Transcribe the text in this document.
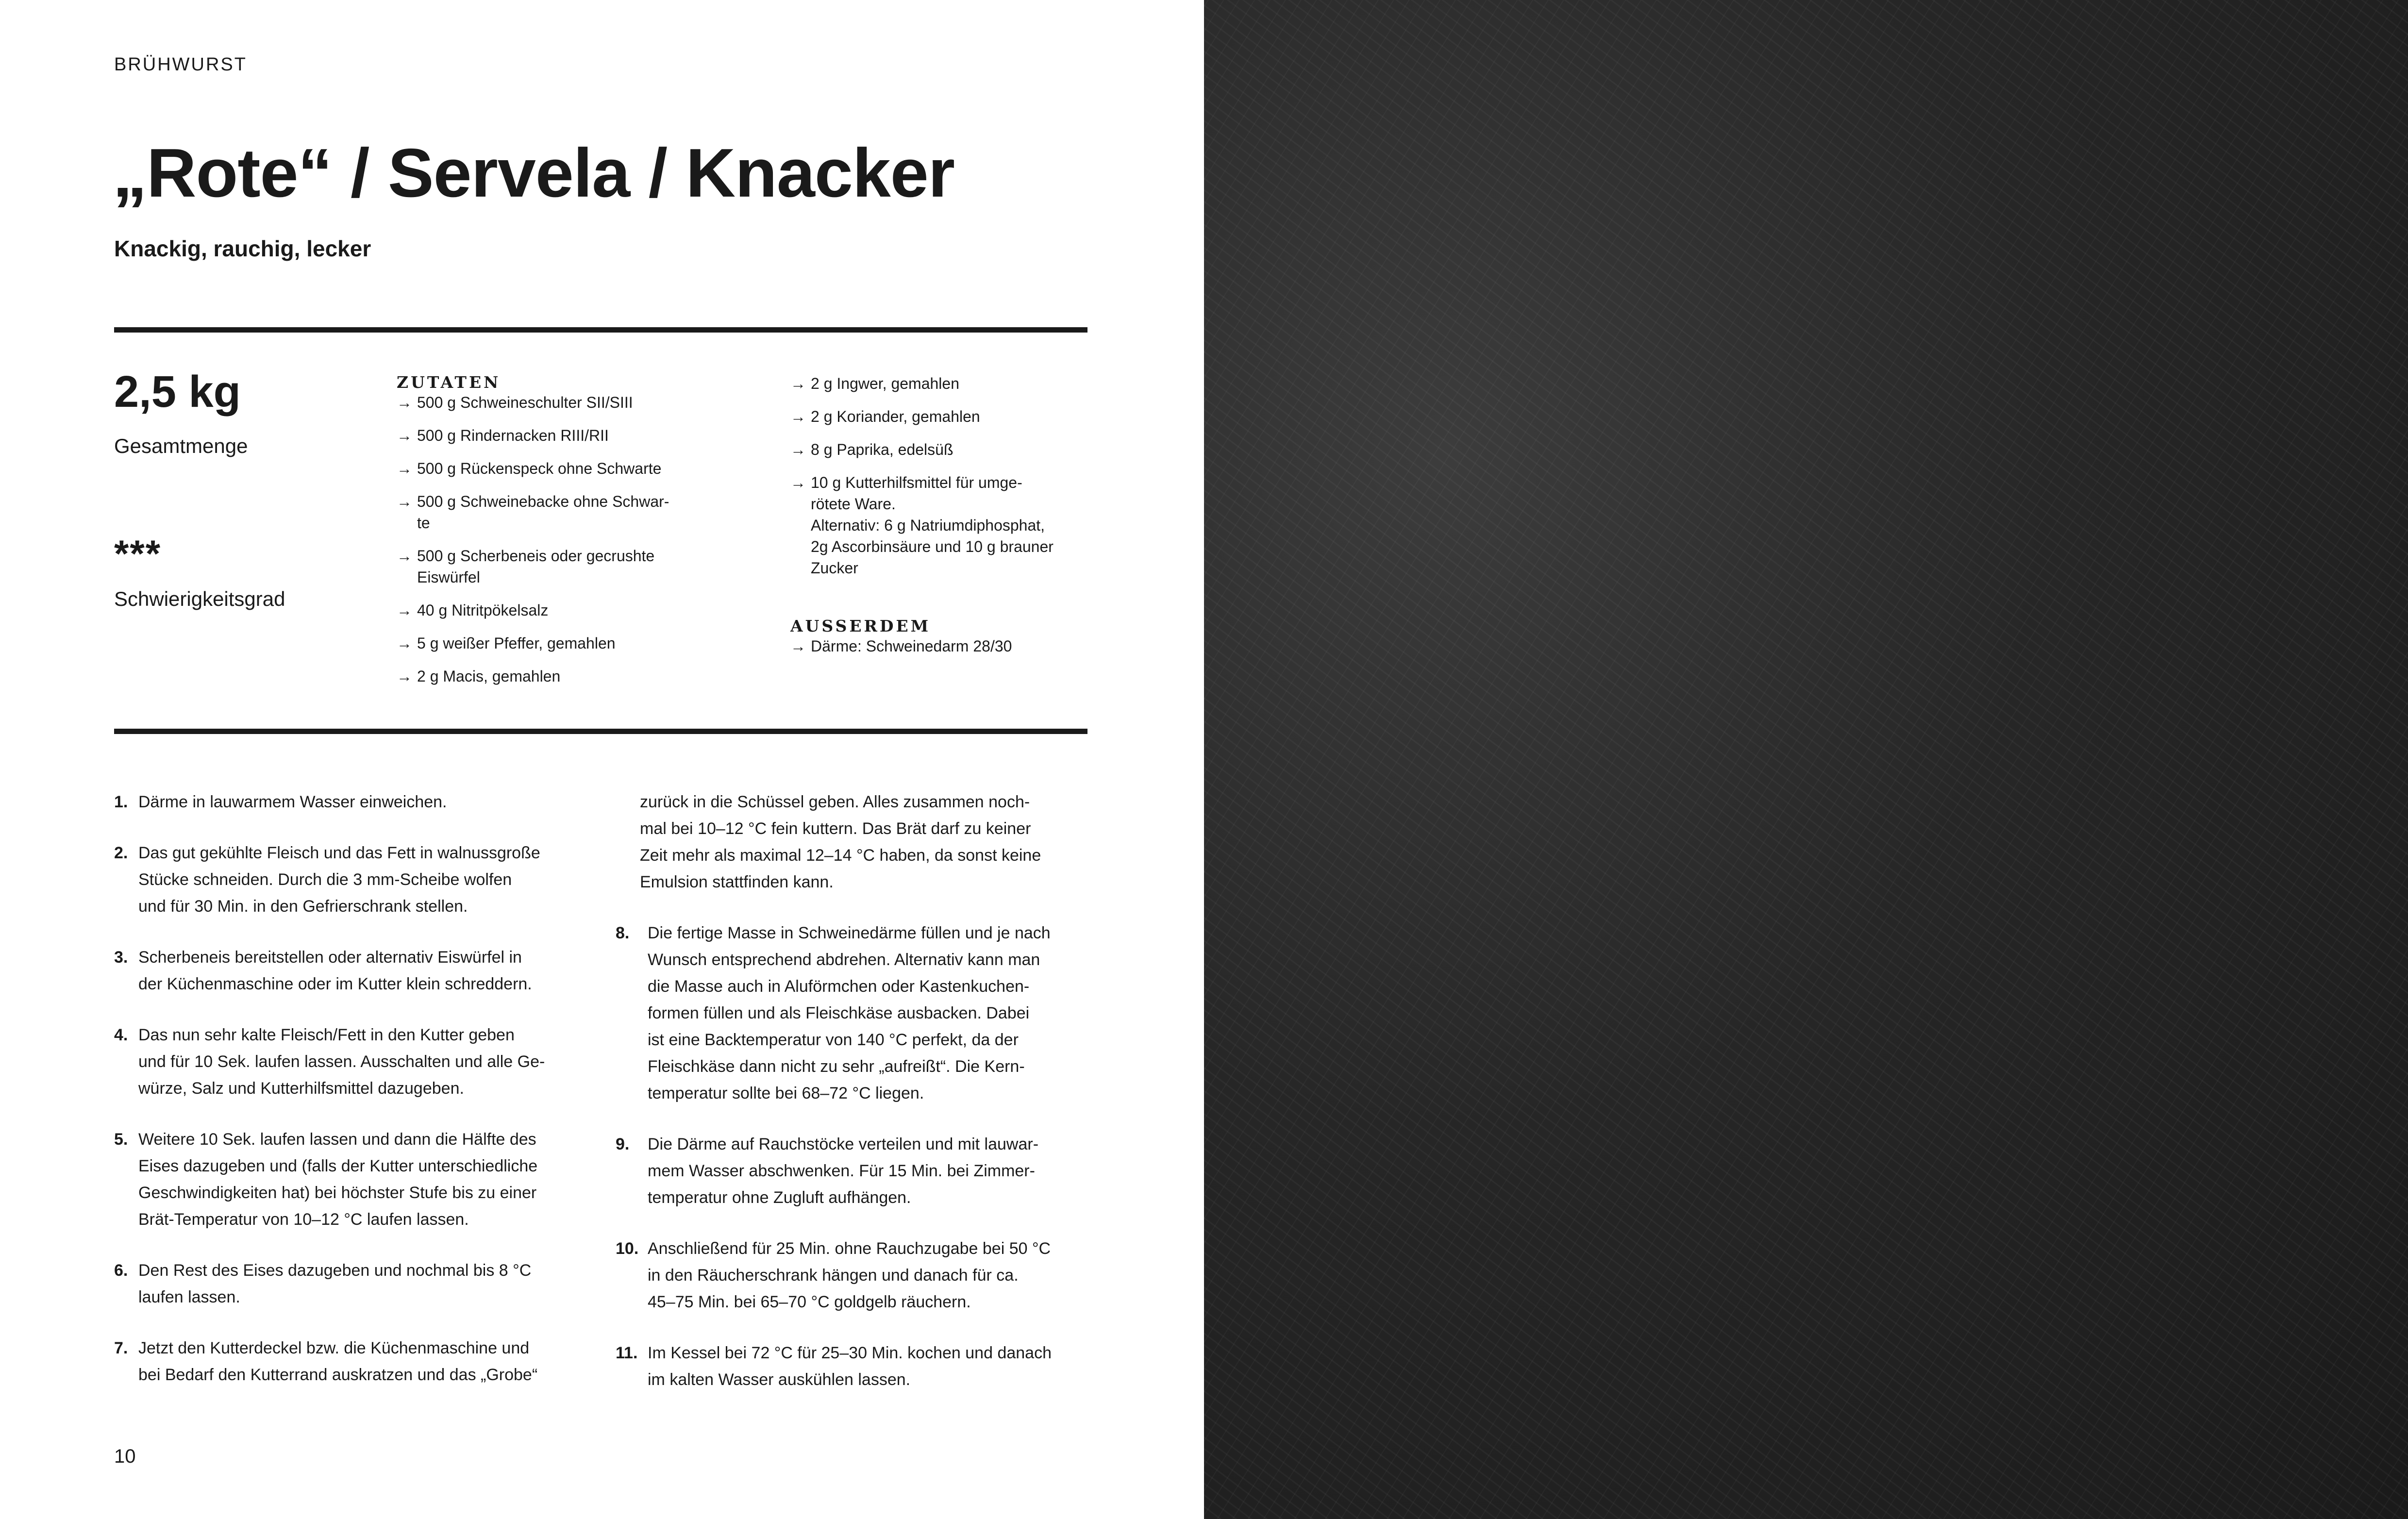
BRÜHWURST
„Rote“ / Servela / Knacker
Knackig, rauchig, lecker
2,5 kg
Gesamtmenge
***
Schwierigkeitsgrad
ZUTATEN
→ 500 g Schweineschulter SII/SIII
→ 500 g Rindernacken RIII/RII
→ 500 g Rückenspeck ohne Schwarte
→ 500 g Schweinebacke ohne Schwar-
te
→ 500 g Scherbeneis oder gecrushte
Eiswürfel
→ 40 g Nitritpökelsalz
→ 5 g weißer Pfeffer, gemahlen
→ 2 g Macis, gemahlen
→ 2 g Ingwer, gemahlen
→ 2 g Koriander, gemahlen
→ 8 g Paprika, edelsüß
→ 10 g Kutterhilfsmittel für umge-
rötete Ware.
Alternativ: 6 g Natriumdiphosphat,
2g Ascorbinsäure und 10 g brauner
Zucker
AUSSERDEM
→ Därme: Schweinedarm 28/30
1. Därme in lauwarmem Wasser einweichen.
2. Das gut gekühlte Fleisch und das Fett in walnussgroße
Stücke schneiden. Durch die 3 mm-Scheibe wolfen
und für 30 Min. in den Gefrierschrank stellen.
3. Scherbeneis bereitstellen oder alternativ Eiswürfel in
der Küchenmaschine oder im Kutter klein schreddern.
4. Das nun sehr kalte Fleisch/Fett in den Kutter geben
und für 10 Sek. laufen lassen. Ausschalten und alle Ge-
würze, Salz und Kutterhilfsmittel dazugeben.
5. Weitere 10 Sek. laufen lassen und dann die Hälfte des
Eises dazugeben und (falls der Kutter unterschiedliche
Geschwindigkeiten hat) bei höchster Stufe bis zu einer
Brät-Temperatur von 10–12 °C laufen lassen.
6. Den Rest des Eises dazugeben und nochmal bis 8 °C
laufen lassen.
7. Jetzt den Kutterdeckel bzw. die Küchenmaschine und
bei Bedarf den Kutterrand auskratzen und das „Grobe“
zurück in die Schüssel geben. Alles zusammen noch-
mal bei 10–12 °C fein kuttern. Das Brät darf zu keiner
Zeit mehr als maximal 12–14 °C haben, da sonst keine
Emulsion stattfinden kann.
8. Die fertige Masse in Schweinedärme füllen und je nach
Wunsch entsprechend abdrehen. Alternativ kann man
die Masse auch in Aluförmchen oder Kastenkuchen-
formen füllen und als Fleischkäse ausbacken. Dabei
ist eine Backtemperatur von 140 °C perfekt, da der
Fleischkäse dann nicht zu sehr „aufreißt“. Die Kern-
temperatur sollte bei 68–72 °C liegen.
9. Die Därme auf Rauchstöcke verteilen und mit lauwar-
mem Wasser abschwenken. Für 15 Min. bei Zimmer-
temperatur ohne Zugluft aufhängen.
10. Anschließend für 25 Min. ohne Rauchzugabe bei 50 °C
in den Räucherschrank hängen und danach für ca.
45–75 Min. bei 65–70 °C goldgelb räuchern.
11. Im Kessel bei 72 °C für 25–30 Min. kochen und danach
im kalten Wasser auskühlen lassen.
10
